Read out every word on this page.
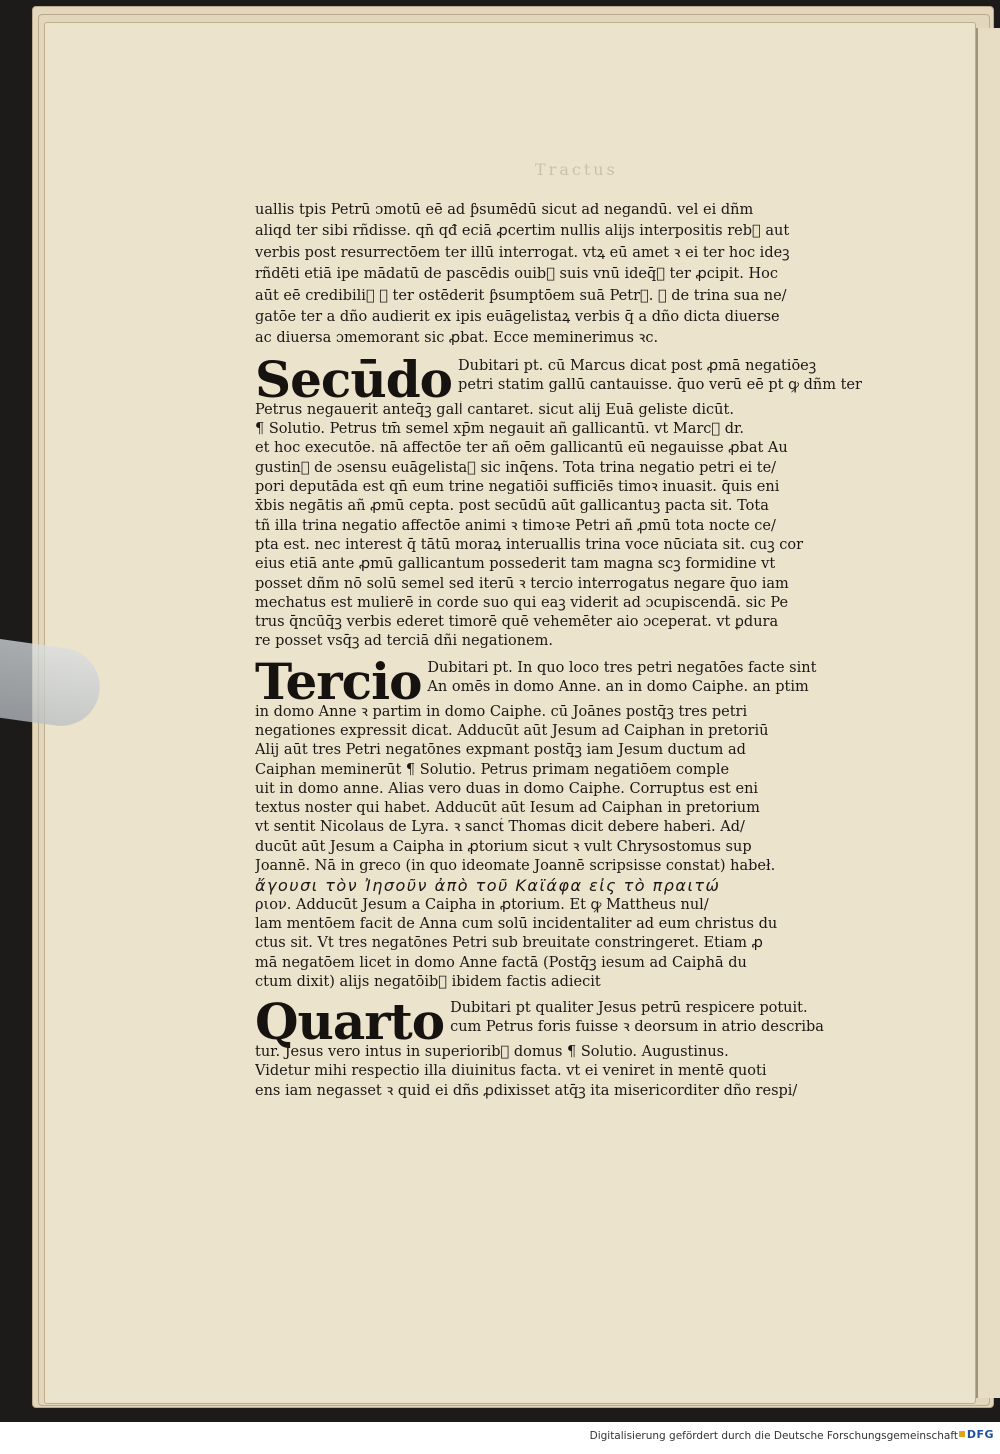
Tractus
uallis tpis Petrū ɔmotū eē ad ƥsumēdū sicut ad negandū. vel ei dñm
aliqd ter sibi rñdisse. qn̄ qđ eciā ꝓcertim nullis alijs interpositis reb᷒ aut
verbis post resurrectōem ter illū interrogat. vtꝝ eū amet ꝛ ei ter hoc ideꝫ
rñdēti etiā ipe mādatū de pascēdis ouib᷒ suis vnū ideq̄ꝫ ter ꝓcipit. Hoc
aūt eē credibili᷒ ꝙ ter ostēderit ƥsumptōem suā Petr᷒. ꝛ de trina sua ne/
gatōe ter a dño audierit ex ipis euāgelistaꝝ verbis q̄ a dño dicta diuerse
ac diuersa ɔmemorant sic ꝓbat. Ecce meminerimus ꝛc.
Secūdo Dubitari pt. cū Marcus dicat post ꝓmā negatiōeꝫ
petri statim gallū cantauisse. q̄uo verū eē pt ꝙ dñm ter
Petrus negauerit anteq̄ꝫ gall᷒ cantaret. sicut alij Euā geliste dicūt.
¶ Solutio. Petrus tm̄ semel xp̄m negauit añ gallicantū. vt Marc᷒ dr.
et hoc executōe. nā affectōe ter añ oēm gallicantū eū negauisse ꝓbat Au
gustin᷒ de ɔsensu euāgelistaꝝ sic inq̄ens. Tota trina negatio petri ei te/
pori deputāda est qn̄ eum trine negatiōi sufficiēs timoꝛ inuasit. q̄uis eni
x̄bis negātis añ ꝓmū cepta. post secūdū aūt gallicantuꝫ pacta sit. Tota
tñ illa trina negatio affectōe animi ꝛ timoꝛe Petri añ ꝓmū tota nocte ce/
pta est. nec interest q̄ tātū moraꝝ interuallis trina voce nūciata sit. cuꝫ cor
eius etiā ante ꝓmū gallicantum possederit tam magna scꝫ formidine vt
posset dñm nō solū semel sed iterū ꝛ tercio interrogatus negare q̄uo iam
mechatus est mulierē in corde suo qui eaꝫ viderit ad ɔcupiscendā. sic Pe
trus q̄ncūq̄ꝫ verbis ederet timorē quē vehemēter aio ɔceperat. vt ꝑdura
re posset vsq̄ꝫ ad terciā dñi negationem.
Tercio Dubitari pt. In quo loco tres petri negatōes facte sint
An omēs in domo Anne. an in domo Caiphe. an ptim
in domo Anne ꝛ partim in domo Caiphe. cū Joānes postq̄ꝫ tres petri
negationes expressit dicat. Adducūt aūt Jesum ad Caiphan in pretoriū
Alij aūt tres Petri negatōnes expmant postq̄ꝫ iam Jesum ductum ad
Caiphan meminerūt ¶ Solutio. Petrus primam negatiōem comple
uit in domo anne. Alias vero duas in domo Caiphe. Corruptus est eni
textus noster qui habet. Adducūt aūt Iesum ad Caiphan in pretorium
vt sentit Nicolaus de Lyra. ꝛ sanct᷒ Thomas dicit debere haberi. Ad/
ducūt aūt Jesum a Caipha in ꝓtorium sicut ꝛ vult Chrysostomus sup
Joannē. Nā in greco (in quo ideomate Joannē scripsisse constat) habeł.
ἄγουσι τὸν Ἰησοῦν ἀπὸ τοῦ Καϊάφα εἰς τὸ πραιτώ
ριον. Adducūt Jesum a Caipha in ꝓtorium. Et ꝙ Mattheus nul/
lam mentōem facit de Anna cum solū incidentaliter ad eum christus du
ctus sit. Vt tres negatōnes Petri sub breuitate constringeret. Etiam ꝓ
mā negatōem licet in domo Anne factā (Postq̄ꝫ iesum ad Caiphā du
ctum dixit) alijs negatōib᷒ ibidem factis adiecit
Quarto Dubitari pt qualiter Jesus petrū respicere potuit.
cum Petrus foris fuisse ꝛ deorsum in atrio describa
tur. Jesus vero intus in superiorib᷒ domus ¶ Solutio. Augustinus.
Videtur mihi respectio illa diuinitus facta. vt ei veniret in mentē quoti
ens iam negasset ꝛ quid ei dñs ꝓdixisset atq̄ꝫ ita misericorditer dño respi/
Digitalisierung gefördert durch die Deutsche Forschungsgemeinschaft DFG
